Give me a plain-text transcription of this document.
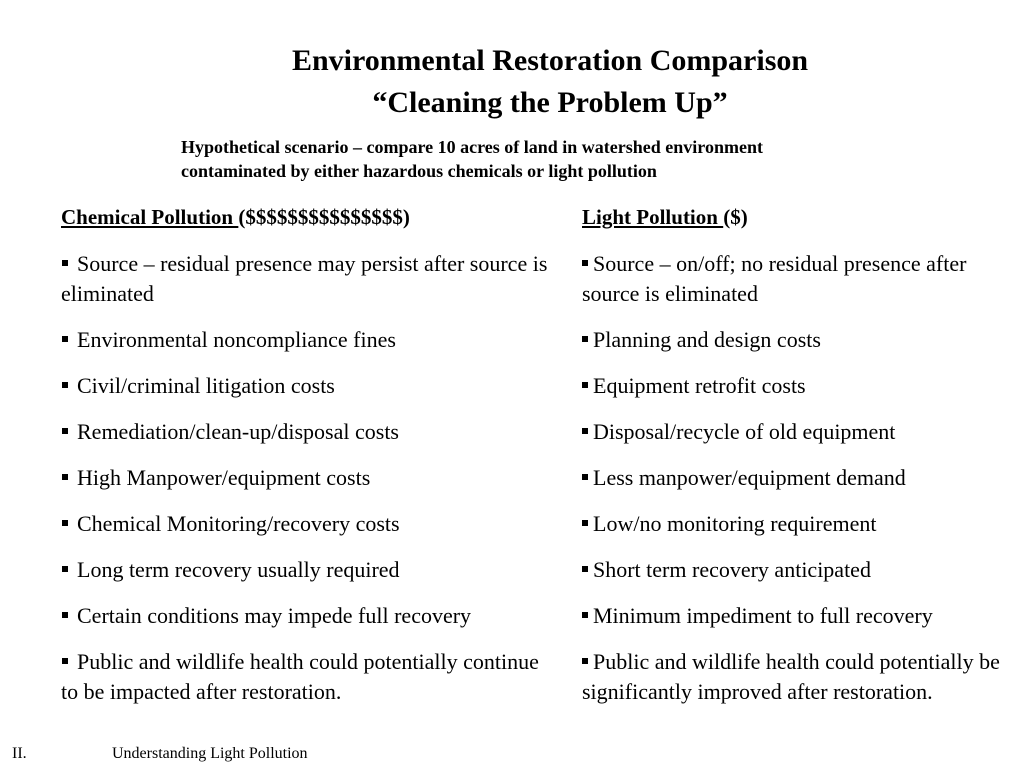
Environmental Restoration Comparison
“Cleaning the Problem Up”
Hypothetical scenario – compare 10 acres of land in watershed environment
contaminated by either hazardous chemicals or light pollution
Chemical Pollution ($$$$$$$$$$$$$$$)
Source – residual presence may persist after source is eliminated
Environmental noncompliance fines
Civil/criminal litigation costs
Remediation/clean-up/disposal costs
High Manpower/equipment costs
Chemical Monitoring/recovery costs
Long term recovery usually required
Certain conditions may impede full recovery
Public and wildlife health could potentially continue to be impacted after restoration.
Light Pollution ($)
Source – on/off; no residual presence after source is eliminated
Planning and design costs
Equipment retrofit costs
Disposal/recycle of old equipment
Less manpower/equipment demand
Low/no monitoring requirement
Short term recovery anticipated
Minimum impediment to full recovery
Public and wildlife health could potentially be significantly improved after restoration.
II.	Understanding Light Pollution
